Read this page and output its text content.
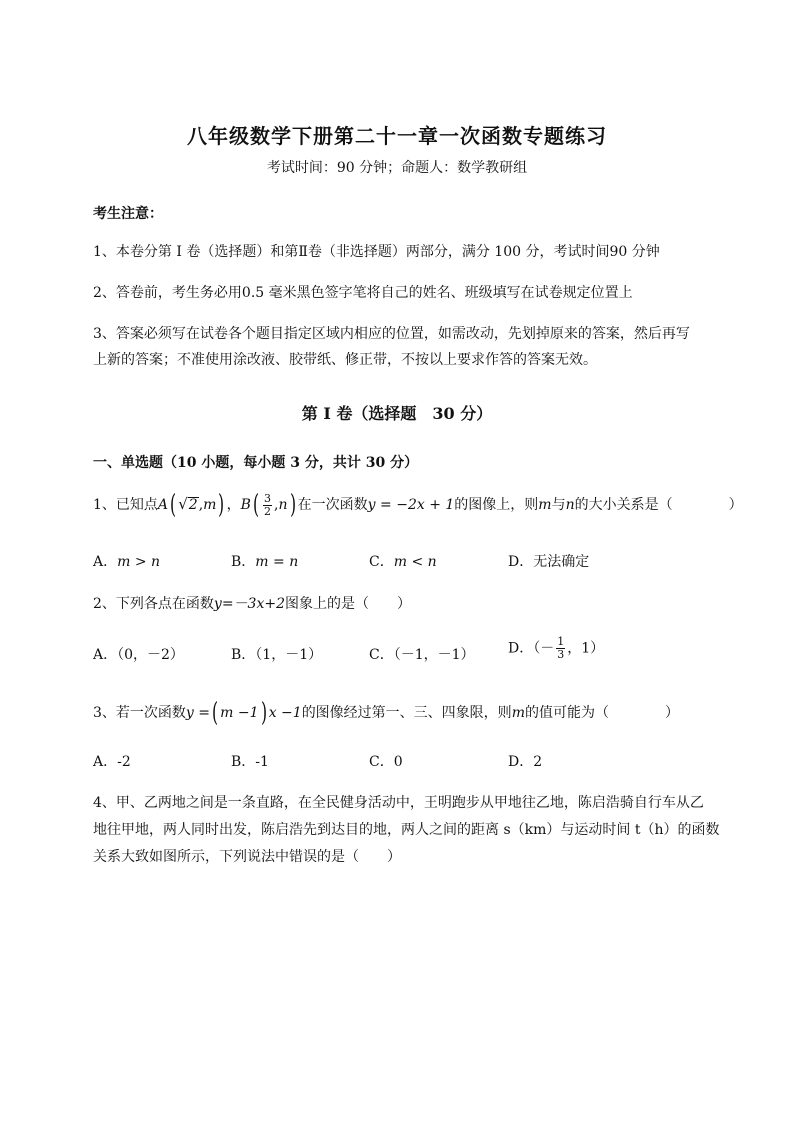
八年级数学下册第二十一章一次函数专题练习
考试时间：90 分钟；命题人：数学教研组
考生注意：
1、本卷分第 I 卷（选择题）和第Ⅱ卷（非选择题）两部分，满分 100 分，考试时间90 分钟
2、答卷前，考生务必用0.5 毫米黑色签字笔将自己的姓名、班级填写在试卷规定位置上
3、答案必须写在试卷各个题目指定区域内相应的位置，如需改动，先划掉原来的答案，然后再写上新的答案；不准使用涂改液、胶带纸、修正带，不按以上要求作答的答案无效。
第 I 卷（选择题　30 分）
一、单选题（10 小题，每小题 3 分，共计 30 分）
1、已知点A( √2,m) ，$B( \frac{3}{2} ,n)$ 在一次函数y = −2x + 1的图像上，则m与n的大小关系是（　　　　）
A．m > n	B．m = n	C．m < n	D．无法确定
2、下列各点在函数y=－3x+2图象上的是（　　）
A．（0，－2）	B．（1，－1）	C．（－1，－1） D．（－ $\frac{1}{3}$ ，1）
3、若一次函数y =( m −1) x −1的图像经过第一、三、四象限，则m的值可能为（　　　　）
A．-2	B．-1	C．0	D．2
4、甲、乙两地之间是一条直路，在全民健身活动中，王明跑步从甲地往乙地，陈启浩骑自行车从乙
地往甲地，两人同时出发，陈启浩先到达目的地，两人之间的距离 s（km）与运动时间 t（h）的函数
关系大致如图所示，下列说法中错误的是（　　）
